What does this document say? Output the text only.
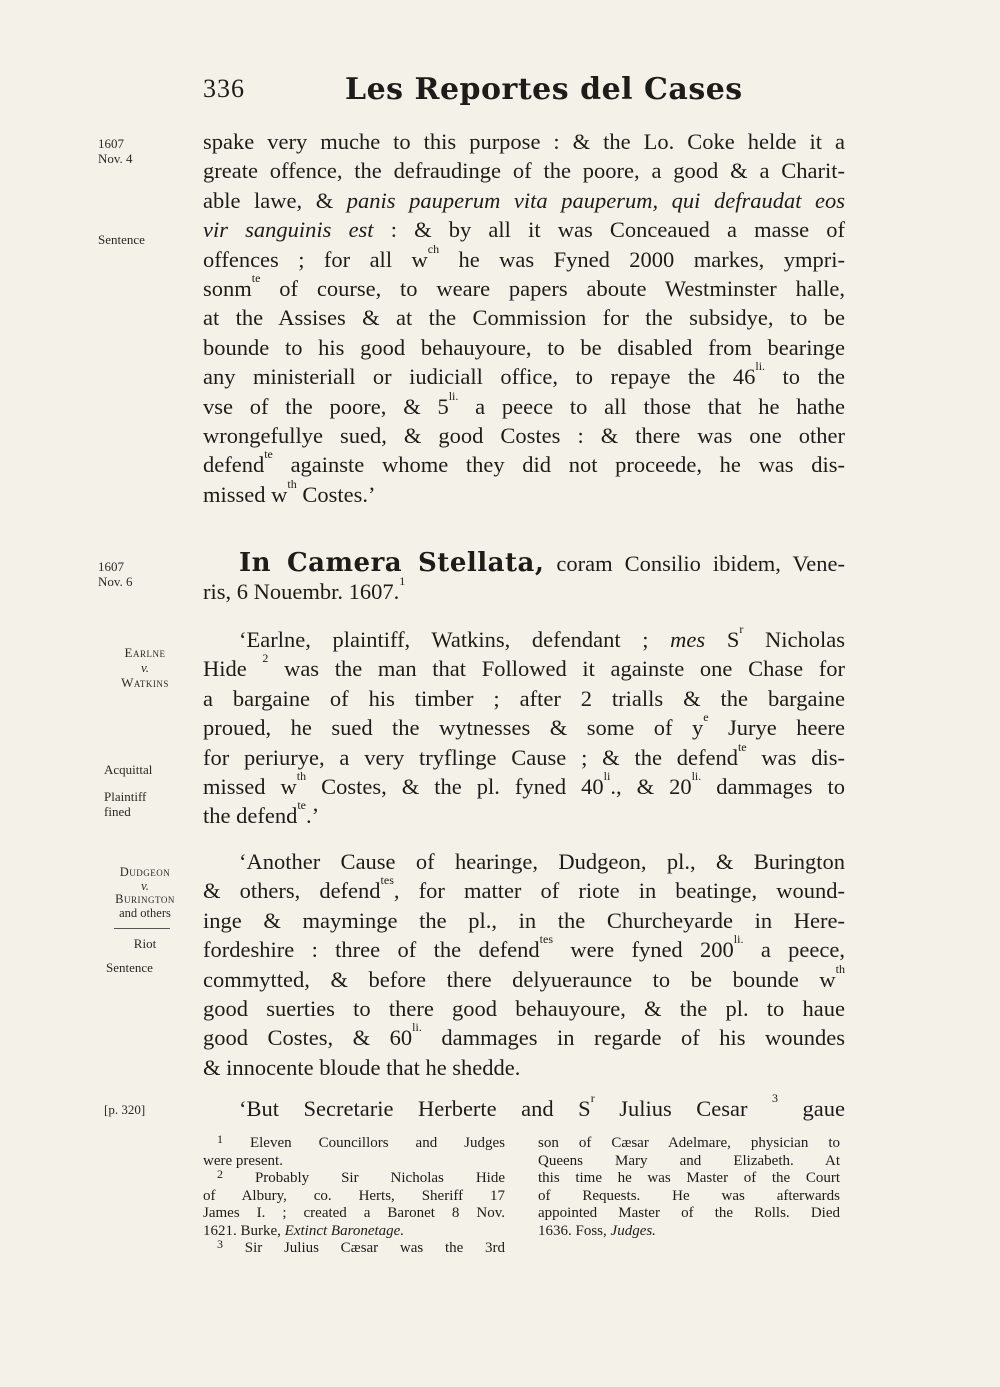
336	Les Reportes del Cases
1607
Nov. 4
Sentence
1607
Nov. 6
Earlne
v.
Watkins
Acquittal
Plaintiff
fined
Dudgeon
v.
Burington
and others
Riot
Sentence
[p. 320]
spake very muche to this purpose : & the Lo. Coke helde it a
greate offence, the defraudinge of the poore, a good & a Charit-
able lawe, & panis pauperum vita pauperum, qui defraudat eos
vir sanguinis est : & by all it was Conceaued a masse of
offences ; for all $w^{ch}$ he was Fyned 2000 markes, ympri-
sonm$^{te}$ of course, to weare papers aboute Westminster halle,
at the Assises & at the Commission for the subsidye, to be
bounde to his good behauyoure, to be disabled from bearinge
any ministeriall or iudiciall office, to repaye the $46^{li.}$ to the
vse of the poore, & $5^{li.}$ a peece to all those that he hathe
wrongefullye sued, & good Costes : & there was one other
defend$^{te}$ againste whome they did not proceede, he was dis-
missed $w^{th}$ Costes.’
In Camera Stellata, coram Consilio ibidem, Vene-
ris, 6 Nouembr. 1607.$^1$
‘Earlne, plaintiff, Watkins, defendant ; mes $S^r$ Nicholas
Hide $^2$ was the man that Followed it againste one Chase for
a bargaine of his timber ; after 2 trialls & the bargaine
proued, he sued the wytnesses & some of $y^e$ Jurye heere
for periurye, a very tryflinge Cause ; & the defend$^{te}$ was dis-
missed $w^{th}$ Costes, & the pl. fyned $40^{li}$., & $20^{li.}$ dammages to
the defend$^{te}$.’
‘Another Cause of hearinge, Dudgeon, pl., & Burington
& others, defend$^{tes}$, for matter of riote in beatinge, wound-
inge & mayminge the pl., in the Churcheyarde in Here-
fordeshire : three of the defend$^{tes}$ were fyned $200^{li.}$ a peece,
commytted, & before there delyueraunce to be bounde $w^{th}$
good suerties to there good behauyoure, & the pl. to haue
good Costes, & $60^{li.}$ dammages in regarde of his woundes
& innocente bloude that he shedde.
‘But Secretarie Herberte and $S^r$ Julius Cesar $^3$ gaue
$^1$ Eleven Councillors and Judges
were present.
$^2$ Probably Sir Nicholas Hide
of Albury, co. Herts, Sheriff 17
James I. ; created a Baronet 8 Nov.
1621. Burke, Extinct Baronetage.
$^3$ Sir Julius Cæsar was the 3rd
son of Cæsar Adelmare, physician to
Queens Mary and Elizabeth. At
this time he was Master of the Court
of Requests. He was afterwards
appointed Master of the Rolls. Died
1636. Foss, Judges.
